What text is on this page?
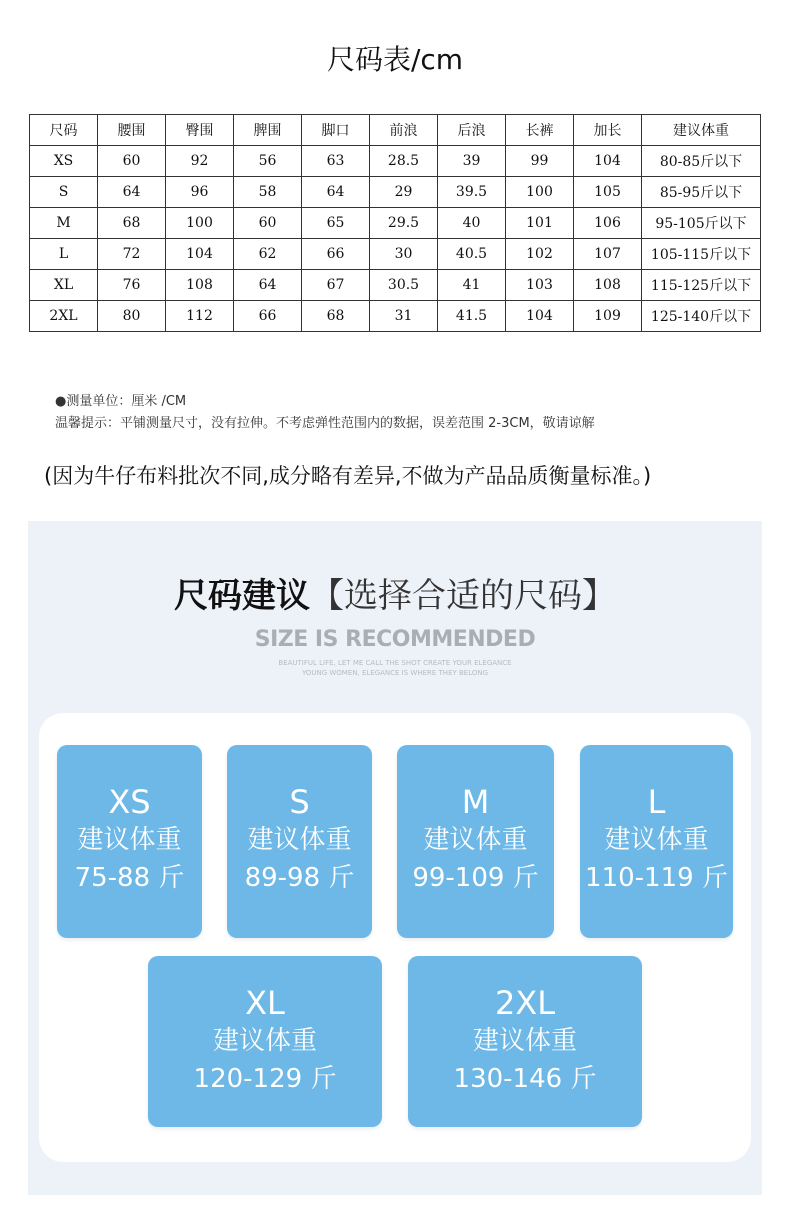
尺码表/cm
尺码	腰围	臀围	脾围	脚口	前浪	后浪	长裤	加长	建议体重
XS	60	92	56	63	28.5	39	99	104	80-85斤以下
S	64	96	58	64	29	39.5	100	105	85-95斤以下
M	68	100	60	65	29.5	40	101	106	95-105斤以下
L	72	104	62	66	30	40.5	102	107	105-115斤以下
XL	76	108	64	67	30.5	41	103	108	115-125斤以下
2XL	80	112	66	68	31	41.5	104	109	125-140斤以下
●测量单位：厘米 /CM
温馨提示：平铺测量尺寸，没有拉伸。不考虑弹性范围内的数据，误差范围 2-3CM，敬请谅解
(因为牛仔布料批次不同,成分略有差异,不做为产品品质衡量标准。)
尺码建议【选择合适的尺码】
SIZE IS RECOMMENDED
BEAUTIFUL LIFE, LET ME CALL THE SHOT CREATE YOUR ELEGANCE
YOUNG WOMEN, ELEGANCE IS WHERE THEY BELONG
XS
建议体重
75-88 斤
S
建议体重
89-98 斤
M
建议体重
99-109 斤
L
建议体重
110-119 斤
XL
建议体重
120-129 斤
2XL
建议体重
130-146 斤
